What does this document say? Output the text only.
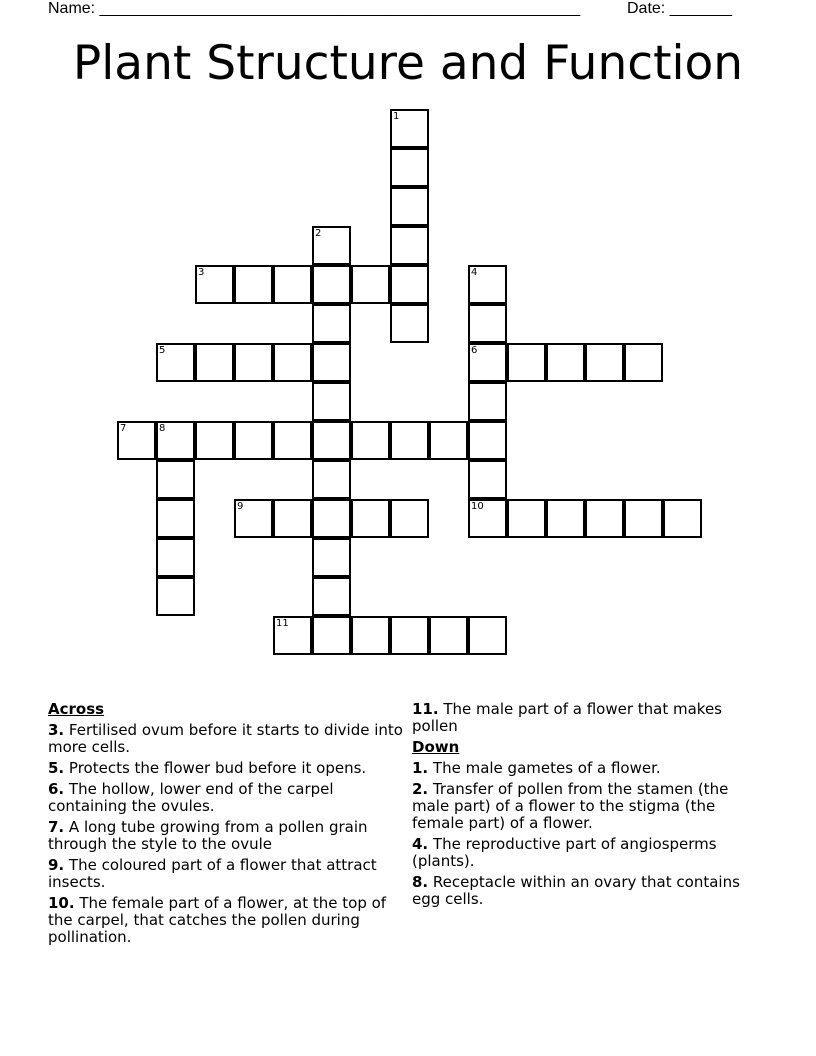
Name: ______________________________________________________	Date: _______
Plant Structure and Function
1
2
3	4
6
5
7	8
9	10
11
Across
3. Fertilised ovum before it starts to divide into more cells.
5. Protects the flower bud before it opens.
6. The hollow, lower end of the carpel containing the ovules.
7. A long tube growing from a pollen grain through the style to the ovule
9. The coloured part of a flower that attract insects.
10. The female part of a flower, at the top of the carpel, that catches the pollen during pollination.
11. The male part of a flower that makes pollen
Down
1. The male gametes of a flower.
2. Transfer of pollen from the stamen (the male part) of a flower to the stigma (the female part) of a flower.
4. The reproductive part of angiosperms (plants).
8. Receptacle within an ovary that contains egg cells.
